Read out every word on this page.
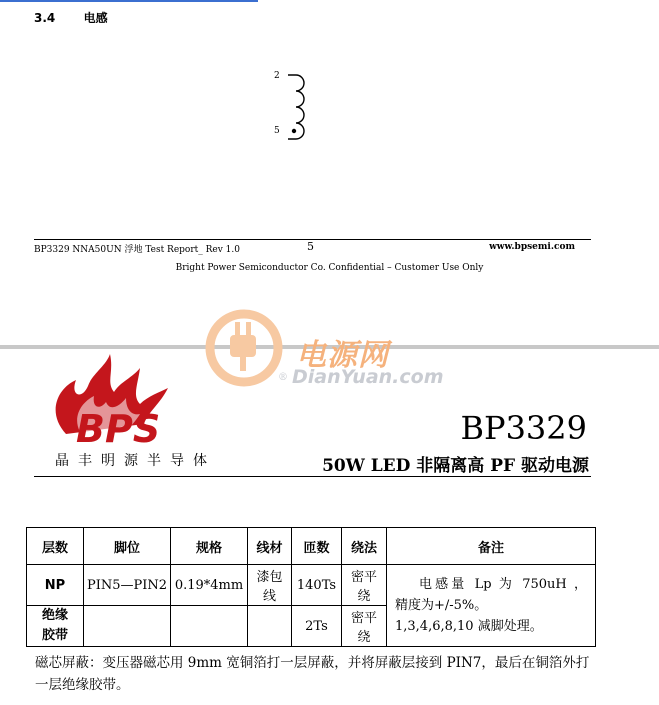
3.4 电感
2
5
BP3329 NNA50UN 浮地 Test Report_ Rev 1.0	5	www.bpsemi.com
Bright Power Semiconductor Co. Confidential – Customer Use Only
电源网
® DianYuan.com
BPS
晶丰明源半导体
BP3329
50W LED 非隔离高 PF 驱动电源
层数	脚位	规格	线材	匝数	绕法	备注
NP	PIN5—PIN2	0.19*4mm	漆包线	140Ts	密平绕	电感量 Lp 为 750uH ，
精度为+/-5%。
1,3,4,6,8,10 减脚处理。

绝缘胶带				2Ts	密平绕	
磁芯屏蔽：变压器磁芯用 9mm 宽铜箔打一层屏蔽，并将屏蔽层接到 PIN7，最后在铜箔外打一层绝缘胶带。
